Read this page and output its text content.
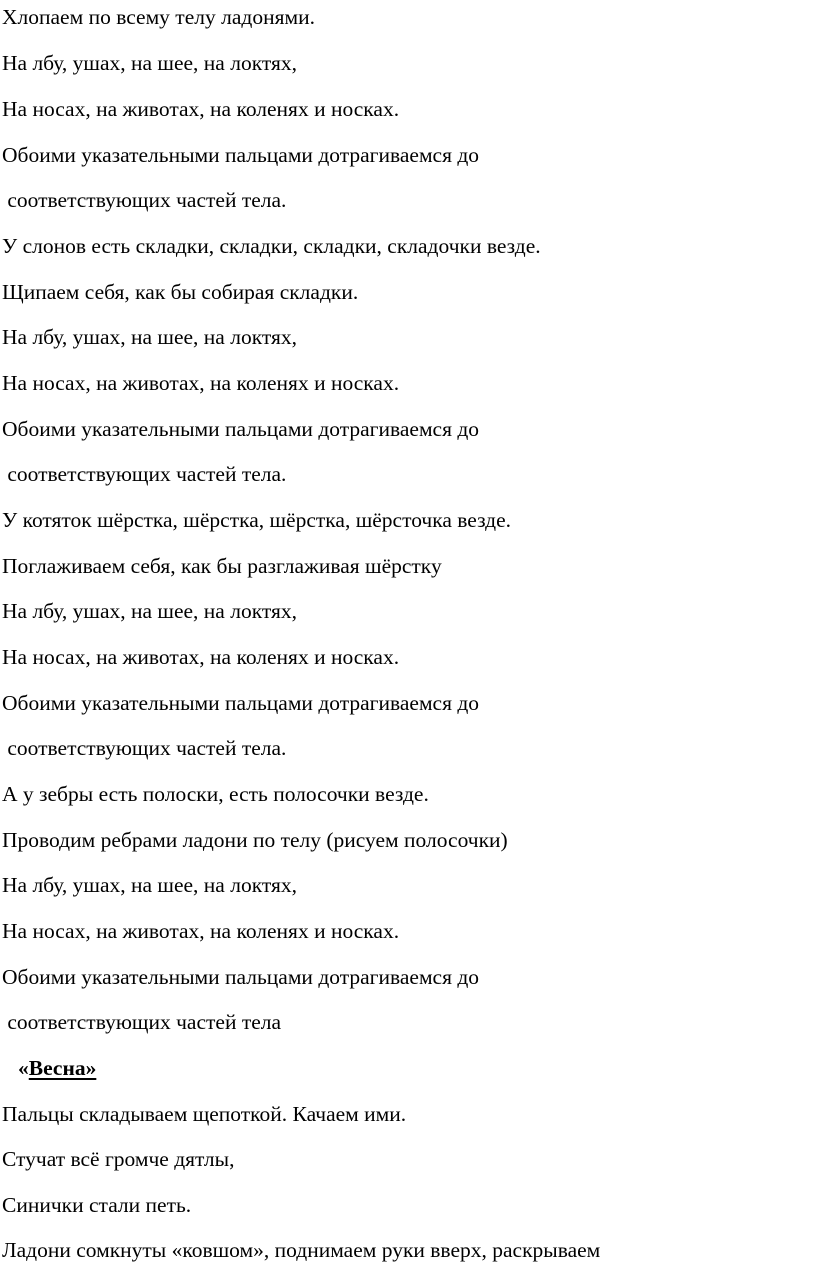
Хлопаем по всему телу ладонями.
На лбу, ушах, на шее, на локтях,
На носах, на животах, на коленях и носках.
Обоими указательными пальцами дотрагиваемся до
соответствующих частей тела.
У слонов есть складки, складки, складки, складочки везде.
Щипаем себя, как бы собирая складки.
На лбу, ушах, на шее, на локтях,
На носах, на животах, на коленях и носках.
Обоими указательными пальцами дотрагиваемся до
соответствующих частей тела.
У котяток шёрстка, шёрстка, шёрстка, шёрсточка везде.
Поглаживаем себя, как бы разглаживая шёрстку
На лбу, ушах, на шее, на локтях,
На носах, на животах, на коленях и носках.
Обоими указательными пальцами дотрагиваемся до
соответствующих частей тела.
А у зебры есть полоски, есть полосочки везде.
Проводим ребрами ладони по телу (рисуем полосочки)
На лбу, ушах, на шее, на локтях,
На носах, на животах, на коленях и носках.
Обоими указательными пальцами дотрагиваемся до
соответствующих частей тела
«Весна»
Пальцы складываем щепоткой. Качаем ими.
Стучат всё громче дятлы,
Синички стали петь.
Ладони сомкнуты «ковшом», поднимаем руки вверх, раскрываем
